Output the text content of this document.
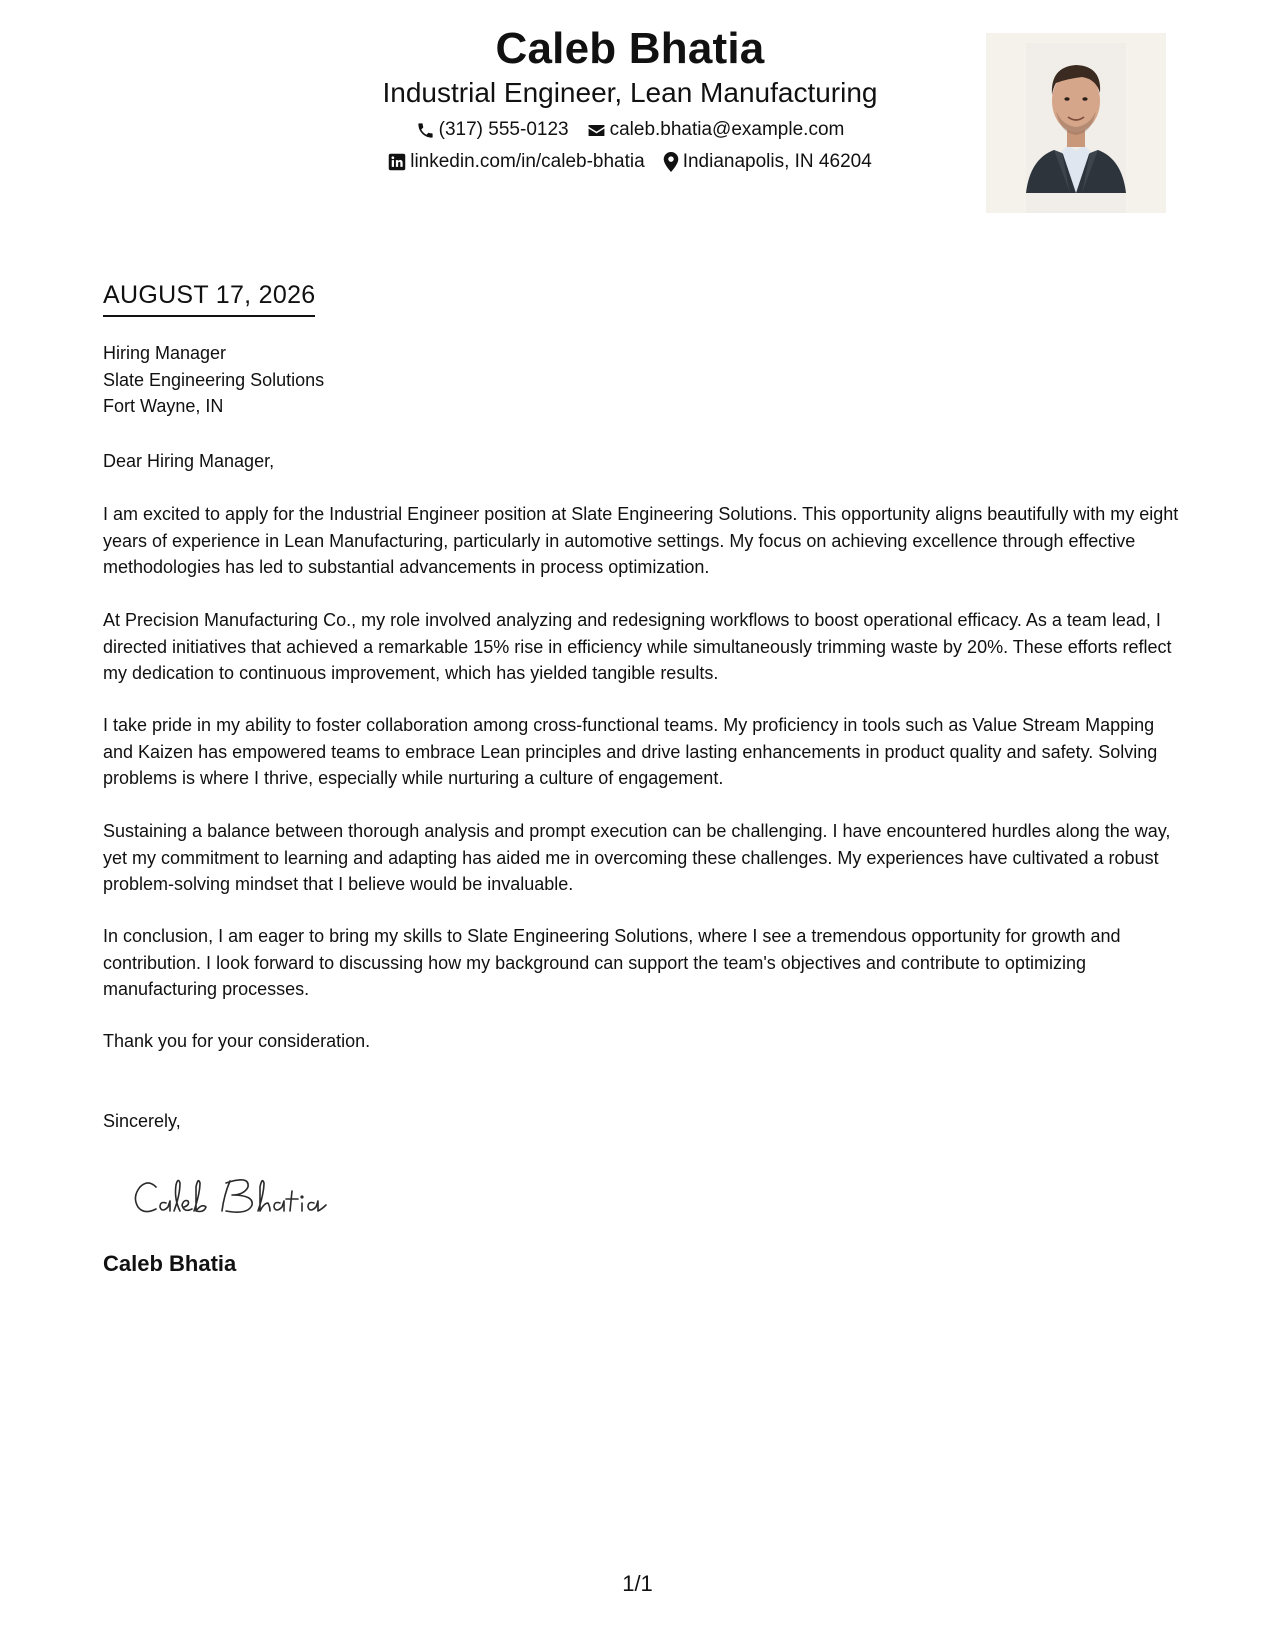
Caleb Bhatia
Industrial Engineer, Lean Manufacturing
(317) 555-0123 caleb.bhatia@example.com
linkedin.com/in/caleb-bhatia Indianapolis, IN 46204
AUGUST 17, 2026
Hiring Manager
Slate Engineering Solutions
Fort Wayne, IN
Dear Hiring Manager,
I am excited to apply for the Industrial Engineer position at Slate Engineering Solutions. This opportunity aligns beautifully with my eight years of experience in Lean Manufacturing, particularly in automotive settings. My focus on achieving excellence through effective methodologies has led to substantial advancements in process optimization.
At Precision Manufacturing Co., my role involved analyzing and redesigning workflows to boost operational efficacy. As a team lead, I directed initiatives that achieved a remarkable 15% rise in efficiency while simultaneously trimming waste by 20%. These efforts reflect my dedication to continuous improvement, which has yielded tangible results.
I take pride in my ability to foster collaboration among cross-functional teams. My proficiency in tools such as Value Stream Mapping and Kaizen has empowered teams to embrace Lean principles and drive lasting enhancements in product quality and safety. Solving problems is where I thrive, especially while nurturing a culture of engagement.
Sustaining a balance between thorough analysis and prompt execution can be challenging. I have encountered hurdles along the way, yet my commitment to learning and adapting has aided me in overcoming these challenges. My experiences have cultivated a robust problem-solving mindset that I believe would be invaluable.
In conclusion, I am eager to bring my skills to Slate Engineering Solutions, where I see a tremendous opportunity for growth and contribution. I look forward to discussing how my background can support the team's objectives and contribute to optimizing manufacturing processes.
Thank you for your consideration.
Sincerely,
Caleb Bhatia
1/1
